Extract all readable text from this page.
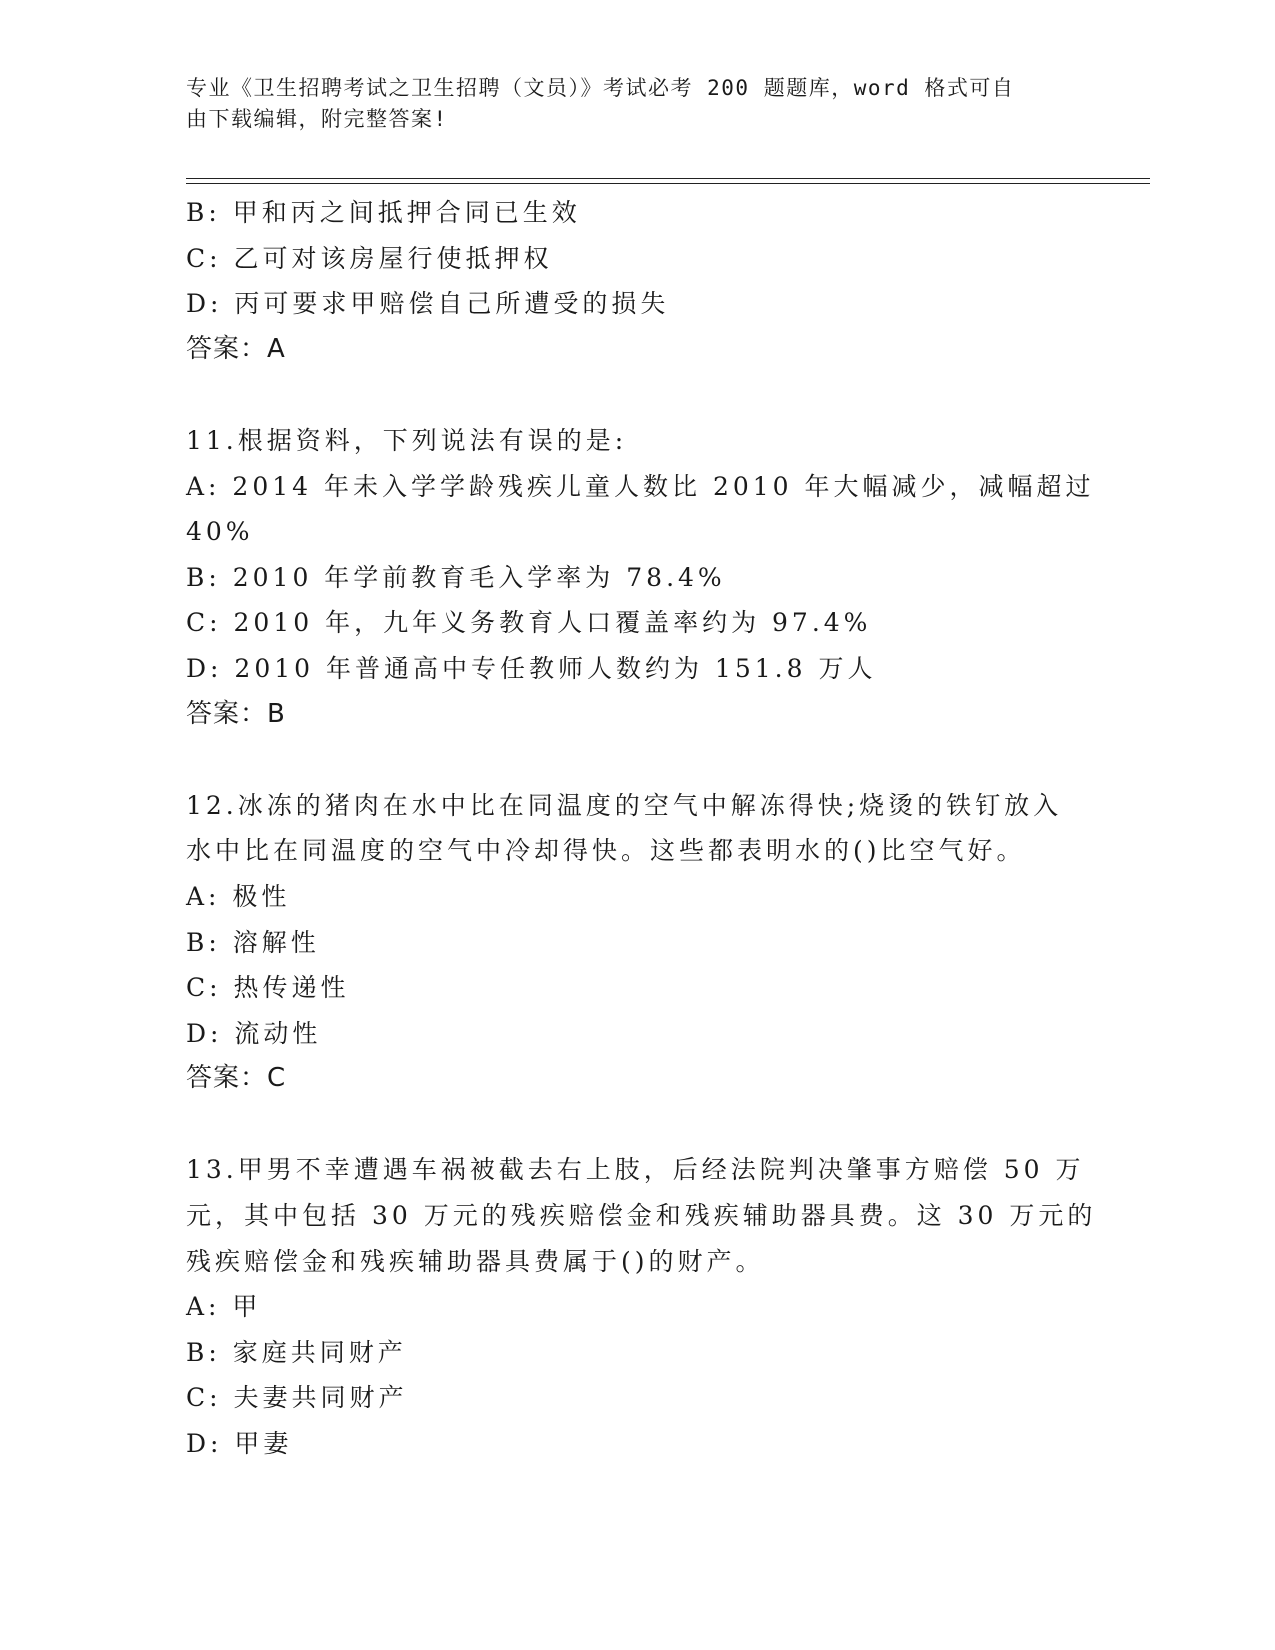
专业《卫生招聘考试之卫生招聘（文员）》考试必考 200 题题库，word 格式可自
由下载编辑，附完整答案!
B: 甲和丙之间抵押合同已生效
C: 乙可对该房屋行使抵押权
D: 丙可要求甲赔偿自己所遭受的损失
答案：A
11.根据资料，下列说法有误的是:
A: 2014 年未入学学龄残疾儿童人数比 2010 年大幅减少，减幅超过
40%
B: 2010 年学前教育毛入学率为 78.4%
C: 2010 年，九年义务教育人口覆盖率约为 97.4%
D: 2010 年普通高中专任教师人数约为 151.8 万人
答案：B
12.冰冻的猪肉在水中比在同温度的空气中解冻得快;烧烫的铁钉放入
水中比在同温度的空气中冷却得快。这些都表明水的()比空气好。
A: 极性
B: 溶解性
C: 热传递性
D: 流动性
答案：C
13.甲男不幸遭遇车祸被截去右上肢，后经法院判决肇事方赔偿 50 万
元，其中包括 30 万元的残疾赔偿金和残疾辅助器具费。这 30 万元的
残疾赔偿金和残疾辅助器具费属于()的财产。
A: 甲
B: 家庭共同财产
C: 夫妻共同财产
D: 甲妻
